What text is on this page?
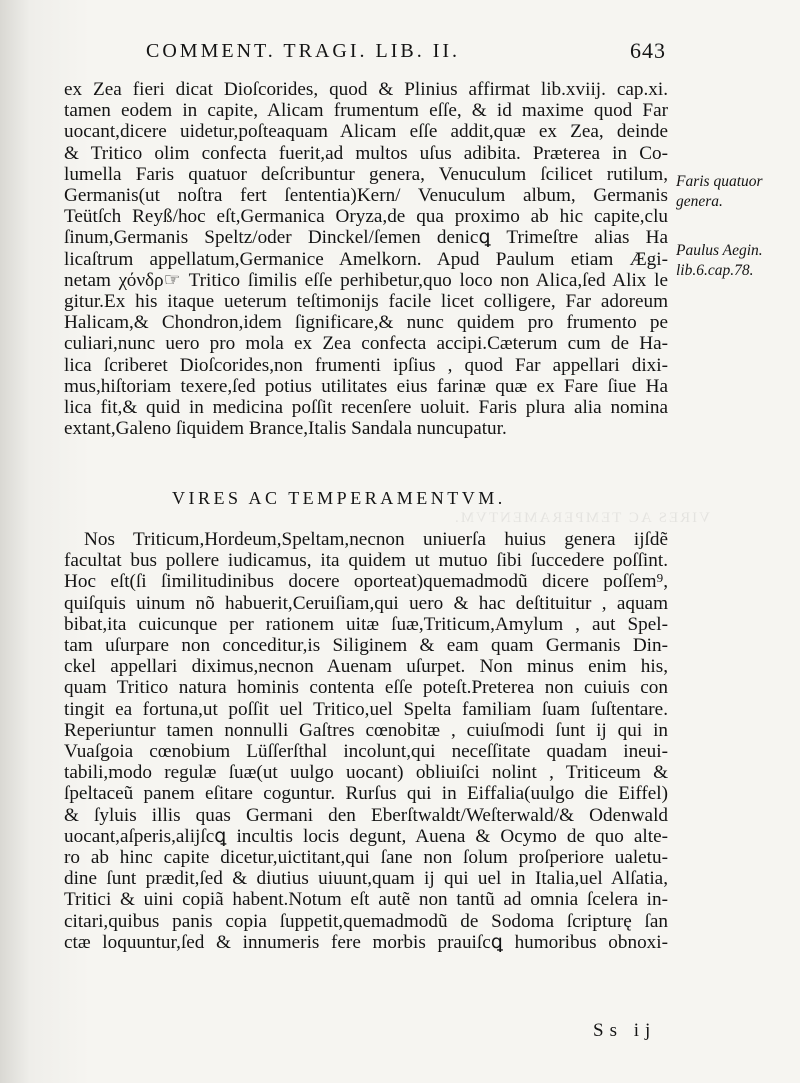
VIRES AC TEMPERAMENTVM.
COMMENT. TRAGI. LIB. II.	643
ex Zea fieri dicat Dioſcorides, quod & Plinius affirmat lib.xviij. cap.xi.
tamen eodem in capite, Alicam frumentum eſſe, & id maxime quod Far
uocant,dicere uidetur,poſteaquam Alicam eſſe addit,quæ ex Zea, deinde
& Tritico olim confecta fuerit,ad multos uſus adibita. Præterea in Co-
lumella Faris quatuor deſcribuntur genera, Venuculum ſcilicet rutilum,
Germanis(ut noſtra fert ſententia)Kern/ Venuculum album, Germanis
Teütſch Reyß/hoc eſt,Germanica Oryza,de qua proximo ab hic capite,clu
ſinum,Germanis Speltz/oder Dinckel/ſemen denicꝗ Trimeſtre alias Ha
licaſtrum appellatum,Germanice Amelkorn. Apud Paulum etiam Ægi-
netam χόνδρ☞ Tritico ſimilis eſſe perhibetur,quo loco non Alica,ſed Alix le
gitur.Ex his itaque ueterum teſtimonijs facile licet colligere, Far adoreum
Halicam,& Chondron,idem ſignificare,& nunc quidem pro frumento pe
culiari,nunc uero pro mola ex Zea confecta accipi.Cæterum cum de Ha-
lica ſcriberet Dioſcorides,non frumenti ipſius , quod Far appellari dixi-
mus,hiſtoriam texere,ſed potius utilitates eius farinæ quæ ex Fare ſiue Ha
lica fit,& quid in medicina poſſit recenſere uoluit. Faris plura alia nomina
extant,Galeno ſiquidem Brance,Italis Sandala nuncupatur.
Faris quatuor
genera.
Paulus Aegin.
lib.6.cap.78.
VIRES AC TEMPERAMENTVM.
Nos Triticum,Hordeum,Speltam,necnon uniuerſa huius genera ijſdẽ
facultat bus pollere iudicamus, ita quidem ut mutuo ſibi ſuccedere poſſint.
Hoc eſt(ſi ſimilitudinibus docere oporteat)quemadmodũ dicere poſſem⁹,
quiſquis uinum nõ habuerit,Ceruiſiam,qui uero & hac deſtituitur , aquam
bibat,ita cuicunque per rationem uitæ ſuæ,Triticum,Amylum , aut Spel-
tam uſurpare non conceditur,is Siliginem & eam quam Germanis Din-
ckel appellari diximus,necnon Auenam uſurpet. Non minus enim his,
quam Tritico natura hominis contenta eſſe poteſt.Preterea non cuiuis con
tingit ea fortuna,ut poſſit uel Tritico,uel Spelta familiam ſuam ſuſtentare.
Reperiuntur tamen nonnulli Gaſtres cœnobitæ , cuiuſmodi ſunt ij qui in
Vuaſgoia cœnobium Lüſſerſthal incolunt,qui neceſſitate quadam ineui-
tabili,modo regulæ ſuæ(ut uulgo uocant) obliuiſci nolint , Triticeum &
ſpeltaceũ panem eſitare coguntur. Rurſus qui in Eiffalia(uulgo die Eiffel)
& ſyluis illis quas Germani den Eberſtwaldt/Weſterwald/& Odenwald
uocant,aſperis,alijſcꝗ incultis locis degunt, Auena & Ocymo de quo alte-
ro ab hinc capite dicetur,uictitant,qui ſane non ſolum proſperiore ualetu-
dine ſunt prædit,ſed & diutius uiuunt,quam ij qui uel in Italia,uel Alſatia,
Tritici & uini copiã habent.Notum eſt autẽ non tantũ ad omnia ſcelera in-
citari,quibus panis copia ſuppetit,quemadmodũ de Sodoma ſcripturę ſan
ctæ loquuntur,ſed & innumeris fere morbis prauiſcꝗ humoribus obnoxi-
Ss ij
